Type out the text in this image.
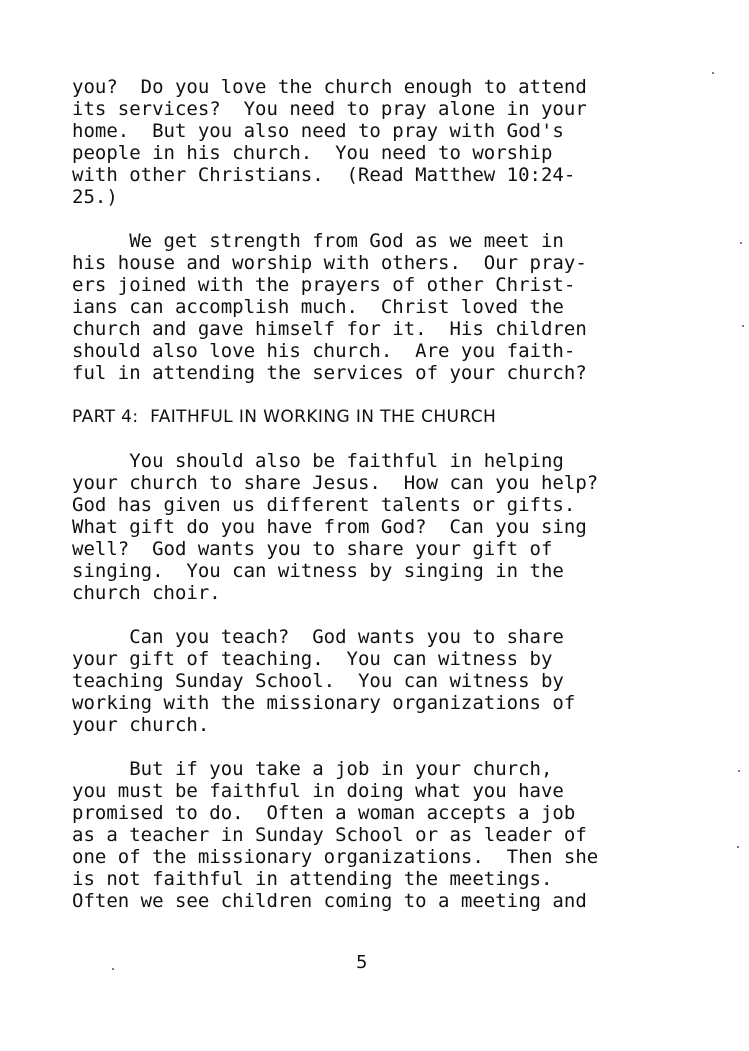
you?  Do you love the church enough to attend
its services?  You need to pray alone in your
home.  But you also need to pray with God's
people in his church.  You need to worship
with other Christians.  (Read Matthew 10:24-
25.)
We get strength from God as we meet in
his house and worship with others.  Our pray-
ers joined with the prayers of other Christ-
ians can accomplish much.  Christ loved the
church and gave himself for it.  His children
should also love his church.  Are you faith-
ful in attending the services of your church?
PART 4:  FAITHFUL IN WORKING IN THE CHURCH
You should also be faithful in helping
your church to share Jesus.  How can you help?
God has given us different talents or gifts.
What gift do you have from God?  Can you sing
well?  God wants you to share your gift of
singing.  You can witness by singing in the
church choir.
Can you teach?  God wants you to share
your gift of teaching.  You can witness by
teaching Sunday School.  You can witness by
working with the missionary organizations of
your church.
But if you take a job in your church,
you must be faithful in doing what you have
promised to do.  Often a woman accepts a job
as a teacher in Sunday School or as leader of
one of the missionary organizations.  Then she
is not faithful in attending the meetings.
Often we see children coming to a meeting and
5
